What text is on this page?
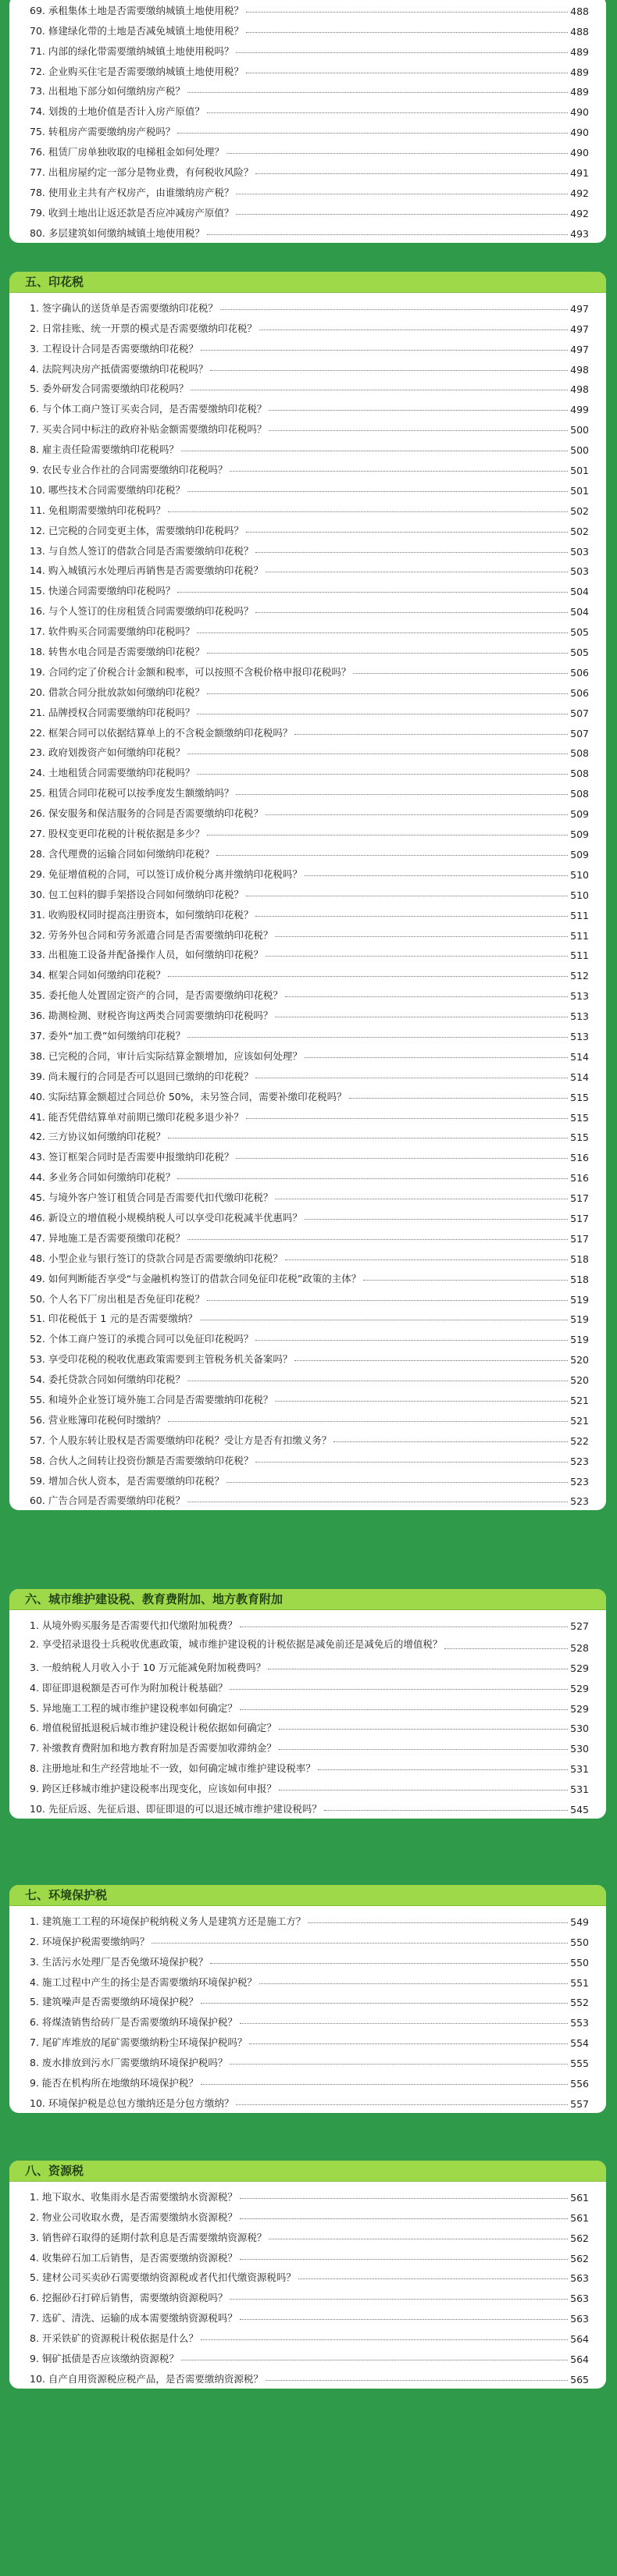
69. 承租集体土地是否需要缴纳城镇土地使用税？	488
70. 修建绿化带的土地是否减免城镇土地使用税？	488
71. 内部的绿化带需要缴纳城镇土地使用税吗？	489
72. 企业购买住宅是否需要缴纳城镇土地使用税？	489
73. 出租地下部分如何缴纳房产税？	489
74. 划拨的土地价值是否计入房产原值？	490
75. 转租房产需要缴纳房产税吗？	490
76. 租赁厂房单独收取的电梯租金如何处理？	490
77. 出租房屋约定一部分是物业费，有何税收风险？	491
78. 使用业主共有产权房产，由谁缴纳房产税？	492
79. 收到土地出让返还款是否应冲减房产原值？	492
80. 多层建筑如何缴纳城镇土地使用税？	493
五、印花税
1. 签字确认的送货单是否需要缴纳印花税？	497
2. 日常挂账、统一开票的模式是否需要缴纳印花税？	497
3. 工程设计合同是否需要缴纳印花税？	497
4. 法院判决房产抵债需要缴纳印花税吗？	498
5. 委外研发合同需要缴纳印花税吗？	498
6. 与个体工商户签订买卖合同，是否需要缴纳印花税？	499
7. 买卖合同中标注的政府补贴金额需要缴纳印花税吗？	500
8. 雇主责任险需要缴纳印花税吗？	500
9. 农民专业合作社的合同需要缴纳印花税吗？	501
10. 哪些技术合同需要缴纳印花税？	501
11. 免租期需要缴纳印花税吗？	502
12. 已完税的合同变更主体，需要缴纳印花税吗？	502
13. 与自然人签订的借款合同是否需要缴纳印花税？	503
14. 购入城镇污水处理后再销售是否需要缴纳印花税？	503
15. 快递合同需要缴纳印花税吗？	504
16. 与个人签订的住房租赁合同需要缴纳印花税吗？	504
17. 软件购买合同需要缴纳印花税吗？	505
18. 转售水电合同是否需要缴纳印花税？	505
19. 合同约定了价税合计金额和税率，可以按照不含税价格申报印花税吗？	506
20. 借款合同分批放款如何缴纳印花税？	506
21. 品牌授权合同需要缴纳印花税吗？	507
22. 框架合同可以依据结算单上的不含税金额缴纳印花税吗？	507
23. 政府划拨资产如何缴纳印花税？	508
24. 土地租赁合同需要缴纳印花税吗？	508
25. 租赁合同印花税可以按季度发生额缴纳吗？	508
26. 保安服务和保洁服务的合同是否需要缴纳印花税？	509
27. 股权变更印花税的计税依据是多少？	509
28. 含代理费的运输合同如何缴纳印花税？	509
29. 免征增值税的合同，可以签订成价税分离并缴纳印花税吗？	510
30. 包工包料的脚手架搭设合同如何缴纳印花税？	510
31. 收购股权同时提高注册资本，如何缴纳印花税？	511
32. 劳务外包合同和劳务派遣合同是否需要缴纳印花税？	511
33. 出租施工设备并配备操作人员，如何缴纳印花税？	511
34. 框架合同如何缴纳印花税？	512
35. 委托他人处置固定资产的合同，是否需要缴纳印花税？	513
36. 勘测检测、财税咨询这两类合同需要缴纳印花税吗？	513
37. 委外“加工费”如何缴纳印花税？	513
38. 已完税的合同，审计后实际结算金额增加，应该如何处理？	514
39. 尚未履行的合同是否可以退回已缴纳的印花税？	514
40. 实际结算金额超过合同总价 50%，未另签合同，需要补缴印花税吗？	515
41. 能否凭借结算单对前期已缴印花税多退少补？	515
42. 三方协议如何缴纳印花税？	515
43. 签订框架合同时是否需要申报缴纳印花税？	516
44. 多业务合同如何缴纳印花税？	516
45. 与境外客户签订租赁合同是否需要代扣代缴印花税？	517
46. 新设立的增值税小规模纳税人可以享受印花税减半优惠吗？	517
47. 异地施工是否需要预缴印花税？	517
48. 小型企业与银行签订的贷款合同是否需要缴纳印花税？	518
49. 如何判断能否享受“与金融机构签订的借款合同免征印花税”政策的主体？	518
50. 个人名下厂房出租是否免征印花税？	519
51. 印花税低于 1 元的是否需要缴纳？	519
52. 个体工商户签订的承揽合同可以免征印花税吗？	519
53. 享受印花税的税收优惠政策需要到主管税务机关备案吗？	520
54. 委托贷款合同如何缴纳印花税？	520
55. 和境外企业签订境外施工合同是否需要缴纳印花税？	521
56. 营业账簿印花税何时缴纳？	521
57. 个人股东转让股权是否需要缴纳印花税？受让方是否有扣缴义务？	522
58. 合伙人之间转让投资份额是否需要缴纳印花税？	523
59. 增加合伙人资本，是否需要缴纳印花税？	523
60. 广告合同是否需要缴纳印花税？	523
六、城市维护建设税、教育费附加、地方教育附加
1. 从境外购买服务是否需要代扣代缴附加税费？	527
2. 享受招录退役士兵税收优惠政策，城市维护建设税的计税依据是减免前还是减免后的增值税？	528
3. 一般纳税人月收入小于 10 万元能减免附加税费吗？	529
4. 即征即退税额是否可作为附加税计税基础？	529
5. 异地施工工程的城市维护建设税率如何确定？	529
6. 增值税留抵退税后城市维护建设税计税依据如何确定？	530
7. 补缴教育费附加和地方教育附加是否需要加收滞纳金？	530
8. 注册地址和生产经营地址不一致，如何确定城市维护建设税率？	531
9. 跨区迁移城市维护建设税率出现变化，应该如何申报？	531
10. 先征后返、先征后退、即征即退的可以退还城市维护建设税吗？	545
七、环境保护税
1. 建筑施工工程的环境保护税纳税义务人是建筑方还是施工方？	549
2. 环境保护税需要缴纳吗？	550
3. 生活污水处理厂是否免缴环境保护税？	550
4. 施工过程中产生的扬尘是否需要缴纳环境保护税？	551
5. 建筑噪声是否需要缴纳环境保护税？	552
6. 将煤渣销售给砖厂是否需要缴纳环境保护税？	553
7. 尾矿库堆放的尾矿需要缴纳粉尘环境保护税吗？	554
8. 废水排放到污水厂需要缴纳环境保护税吗？	555
9. 能否在机构所在地缴纳环境保护税？	556
10. 环境保护税是总包方缴纳还是分包方缴纳？	557
八、资源税
1. 地下取水、收集雨水是否需要缴纳水资源税？	561
2. 物业公司收取水费，是否需要缴纳水资源税？	561
3. 销售碎石取得的延期付款利息是否需要缴纳资源税？	562
4. 收集碎石加工后销售，是否需要缴纳资源税？	562
5. 建材公司买卖砂石需要缴纳资源税或者代扣代缴资源税吗？	563
6. 挖掘砂石打碎后销售，需要缴纳资源税吗？	563
7. 选矿、清洗、运输的成本需要缴纳资源税吗？	563
8. 开采铁矿的资源税计税依据是什么？	564
9. 铜矿抵债是否应该缴纳资源税？	564
10. 自产自用资源税应税产品，是否需要缴纳资源税？	565
